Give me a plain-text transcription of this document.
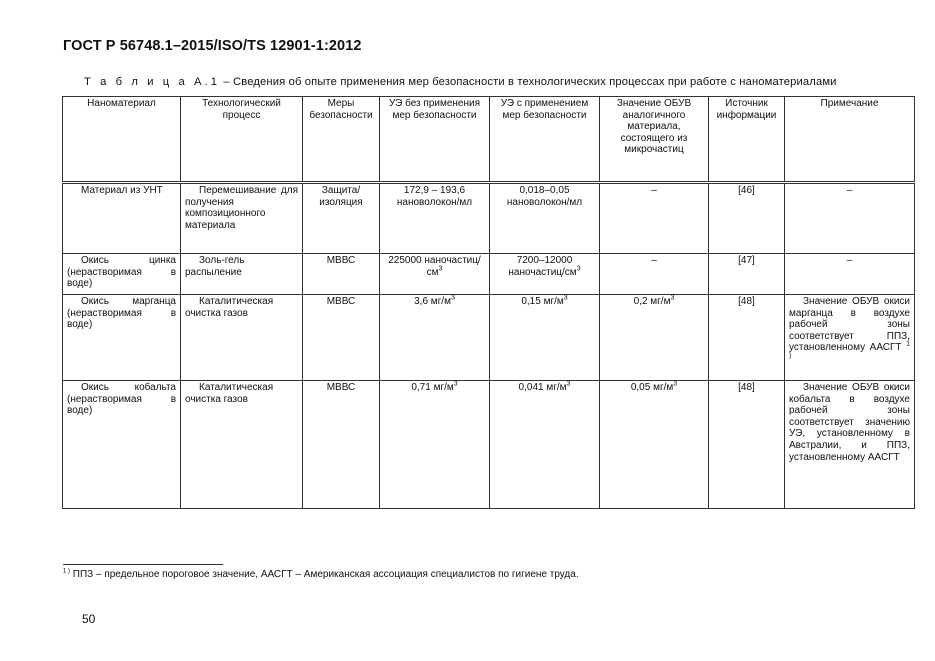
ГОСТ Р 56748.1–2015/ISO/TS 12901-1:2012
Т а б л и ц а А.1 – Сведения об опыте применения мер безопасности в технологических процессах при работе с наноматериалами
Наноматериал	Технологический процесс	Меры безопасности	УЭ без применения мер безопасности	УЭ с применением мер безопасности	Значение ОБУВ аналогичного материала, состоящего из микрочастиц	Источник информации	Примечание
Материал из УНТ	Перемешивание для получения композиционного материала	Защита/изоляция	172,9 – 193,6 нановолокон/мл	0,018–0,05 нановолокон/мл	–	[46]	–
Окись цинка (нерастворимая в воде)	Золь-гель распыление	МВВС	225000 наночастиц/$см^3$	7200–12000 наночастиц/$см^3$	–	[47]	–
Окись марганца (нерастворимая в воде)	Каталитическая очистка газов	МВВС	3,6 $мг/м^3$	0,15 $мг/м^3$	0,2 $мг/м^3$	[48]	Значение ОБУВ окиси марганца в воздухе рабочей зоны соответствует ППЗ, установленному ААСГТ $^{1 )}$
Окись кобальта (нерастворимая в воде)	Каталитическая очистка газов	МВВС	0,71 $мг/м^3$	0,041 $мг/м^3$	0,05 $мг/м^3$	[48]	Значение ОБУВ окиси кобальта в воздухе рабочей зоны соответствует значению УЭ, установленному в Австралии, и ППЗ, установленному ААСГТ
$^{1 )}$ ППЗ – предельное пороговое значение, ААСГТ – Американская ассоциация специалистов по гигиене труда.
50
